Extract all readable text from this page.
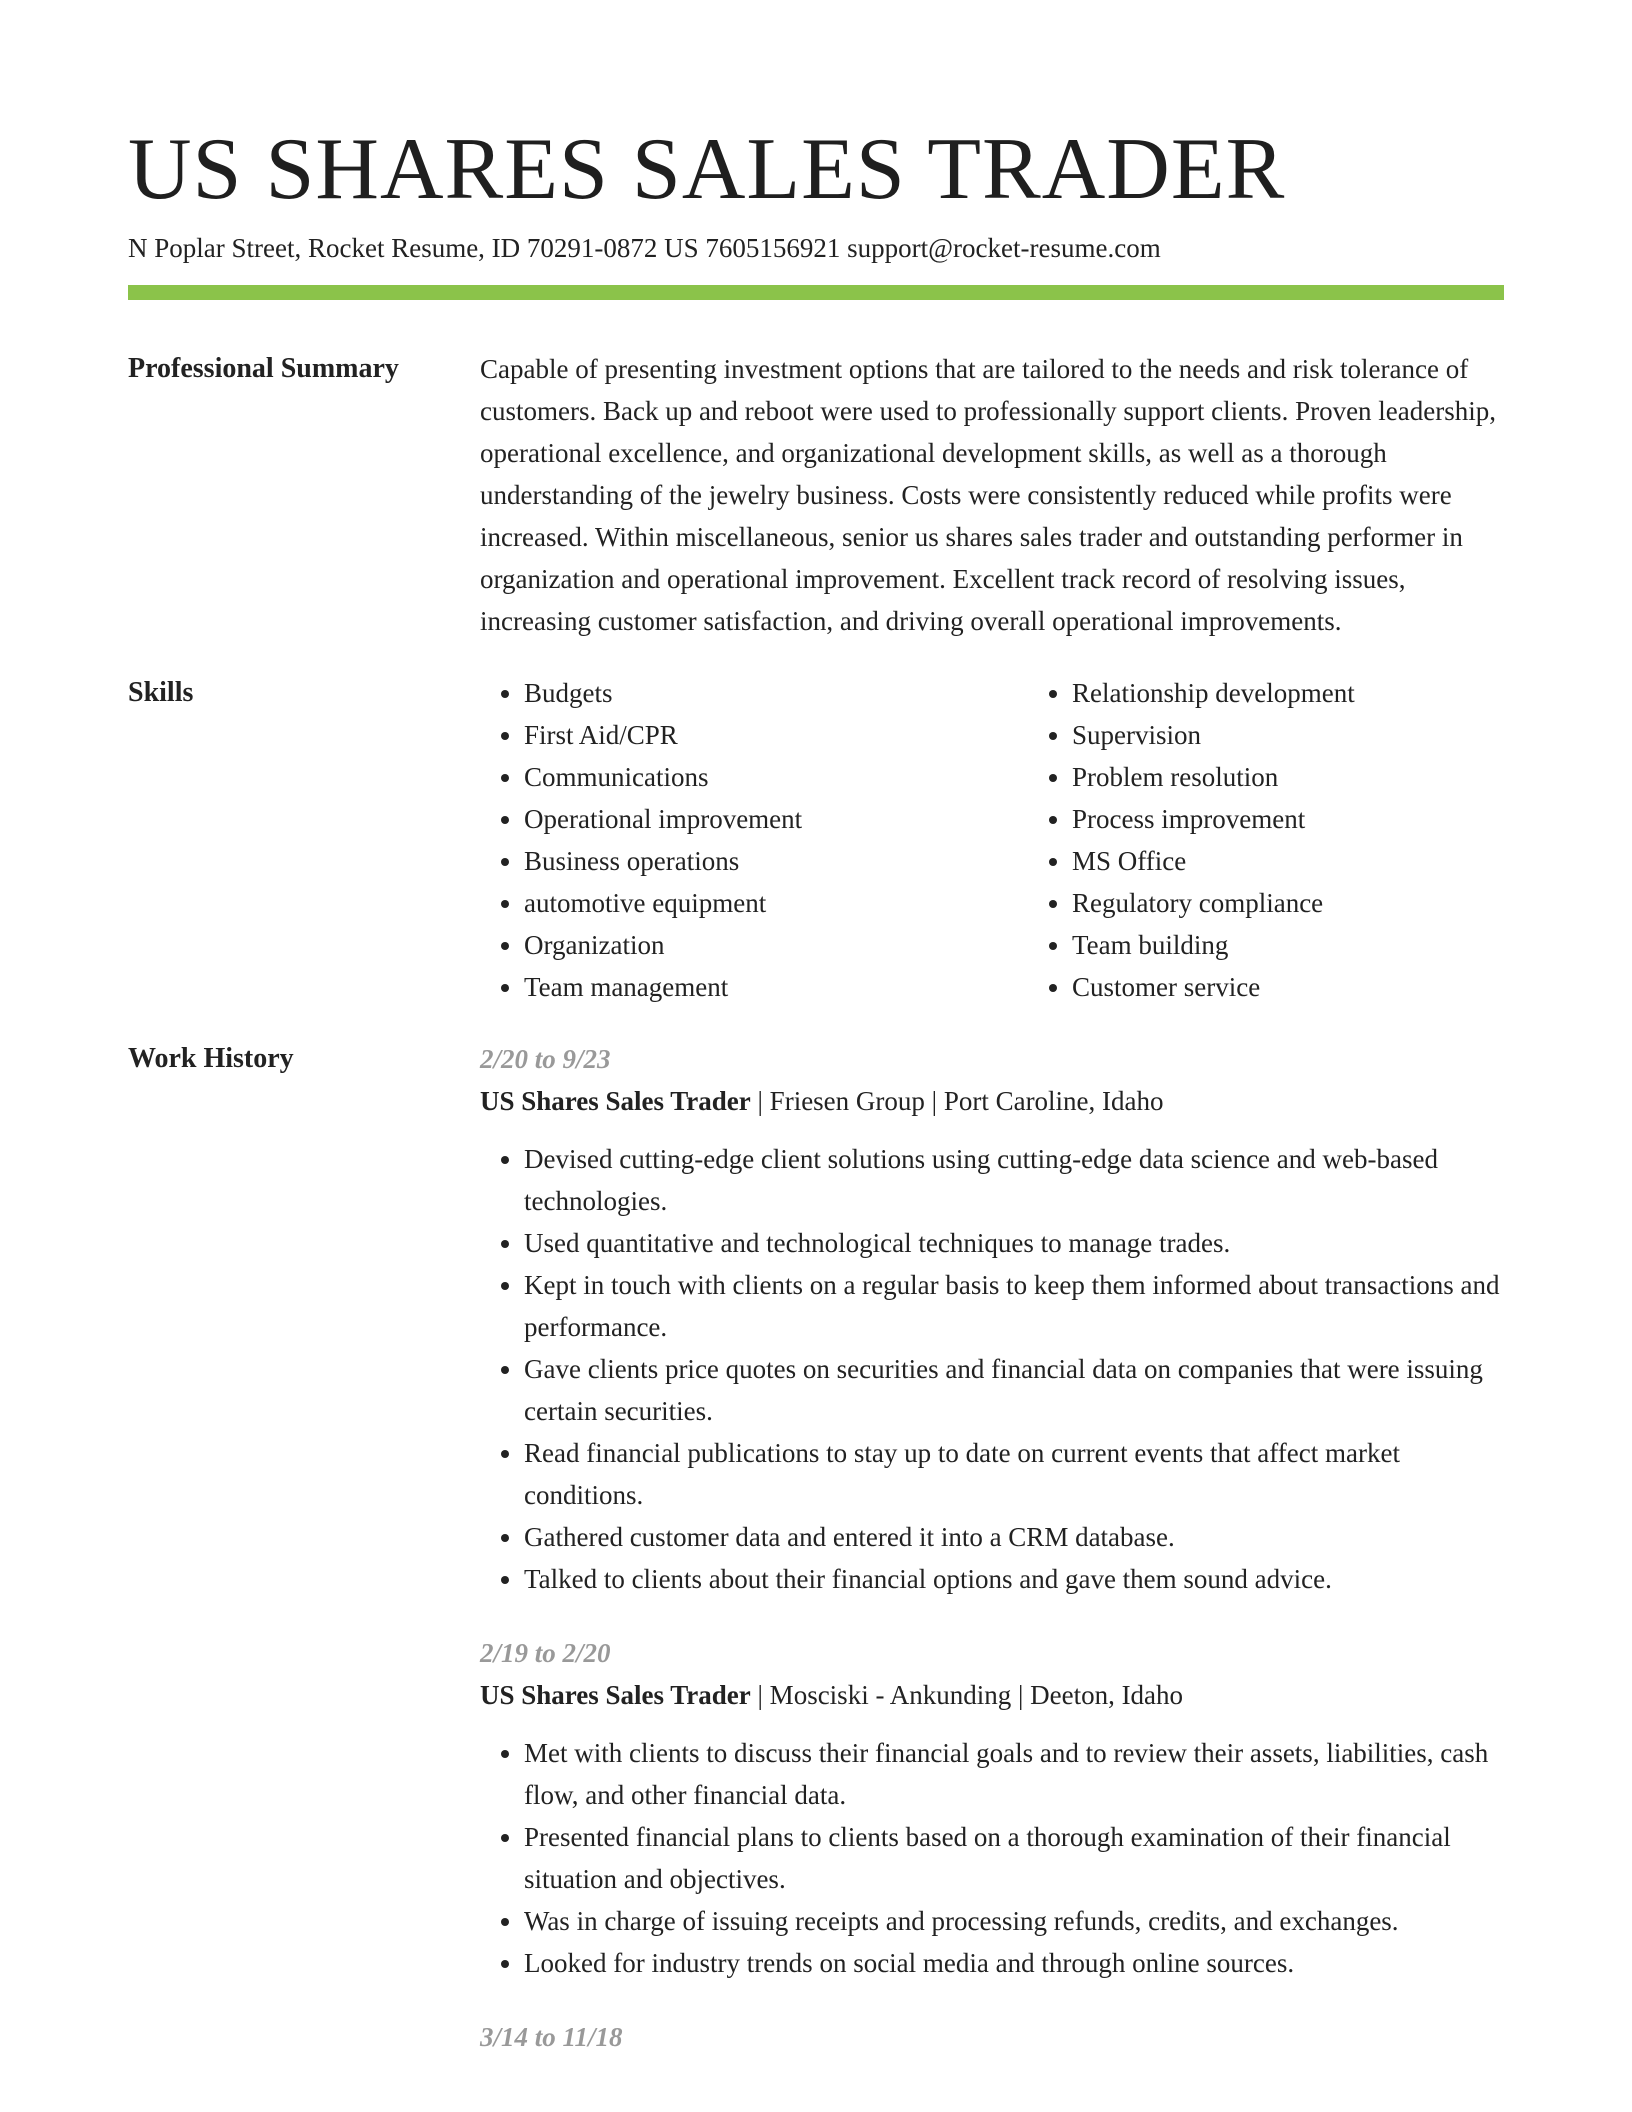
US SHARES SALES TRADER
N Poplar Street, Rocket Resume, ID 70291-0872 US 7605156921 support@rocket-resume.com
Professional Summary	Capable of presenting investment options that are tailored to the needs and risk tolerance of customers. Back up and reboot were used to professionally support clients. Proven leadership, operational excellence, and organizational development skills, as well as a thorough understanding of the jewelry business. Costs were consistently reduced while profits were increased. Within miscellaneous, senior us shares sales trader and outstanding performer in organization and operational improvement. Excellent track record of resolving issues, increasing customer satisfaction, and driving overall operational improvements.

Skills
•	Budgets
• First Aid/CPR
• Communications
• Operational improvement
• Business operations
• automotive equipment
• Organization
• Team management
• Relationship development
• Supervision
• Problem resolution
• Process improvement
• MS Office
• Regulatory compliance
• Team building
• Customer service
Work History	2/20 to 9/23
US Shares Sales Trader | Friesen Group | Port Caroline, Idaho
• Devised cutting-edge client solutions using cutting-edge data science and web-based technologies.
• Used quantitative and technological techniques to manage trades.
• Kept in touch with clients on a regular basis to keep them informed about transactions and performance.
• Gave clients price quotes on securities and financial data on companies that were issuing certain securities.
• Read financial publications to stay up to date on current events that affect market conditions.
• Gathered customer data and entered it into a CRM database.
• Talked to clients about their financial options and gave them sound advice.
2/19 to 2/20
US Shares Sales Trader | Mosciski - Ankunding | Deeton, Idaho
• Met with clients to discuss their financial goals and to review their assets, liabilities, cash flow, and other financial data.
• Presented financial plans to clients based on a thorough examination of their financial situation and objectives.
• Was in charge of issuing receipts and processing refunds, credits, and exchanges.
• Looked for industry trends on social media and through online sources.
3/14 to 11/18
